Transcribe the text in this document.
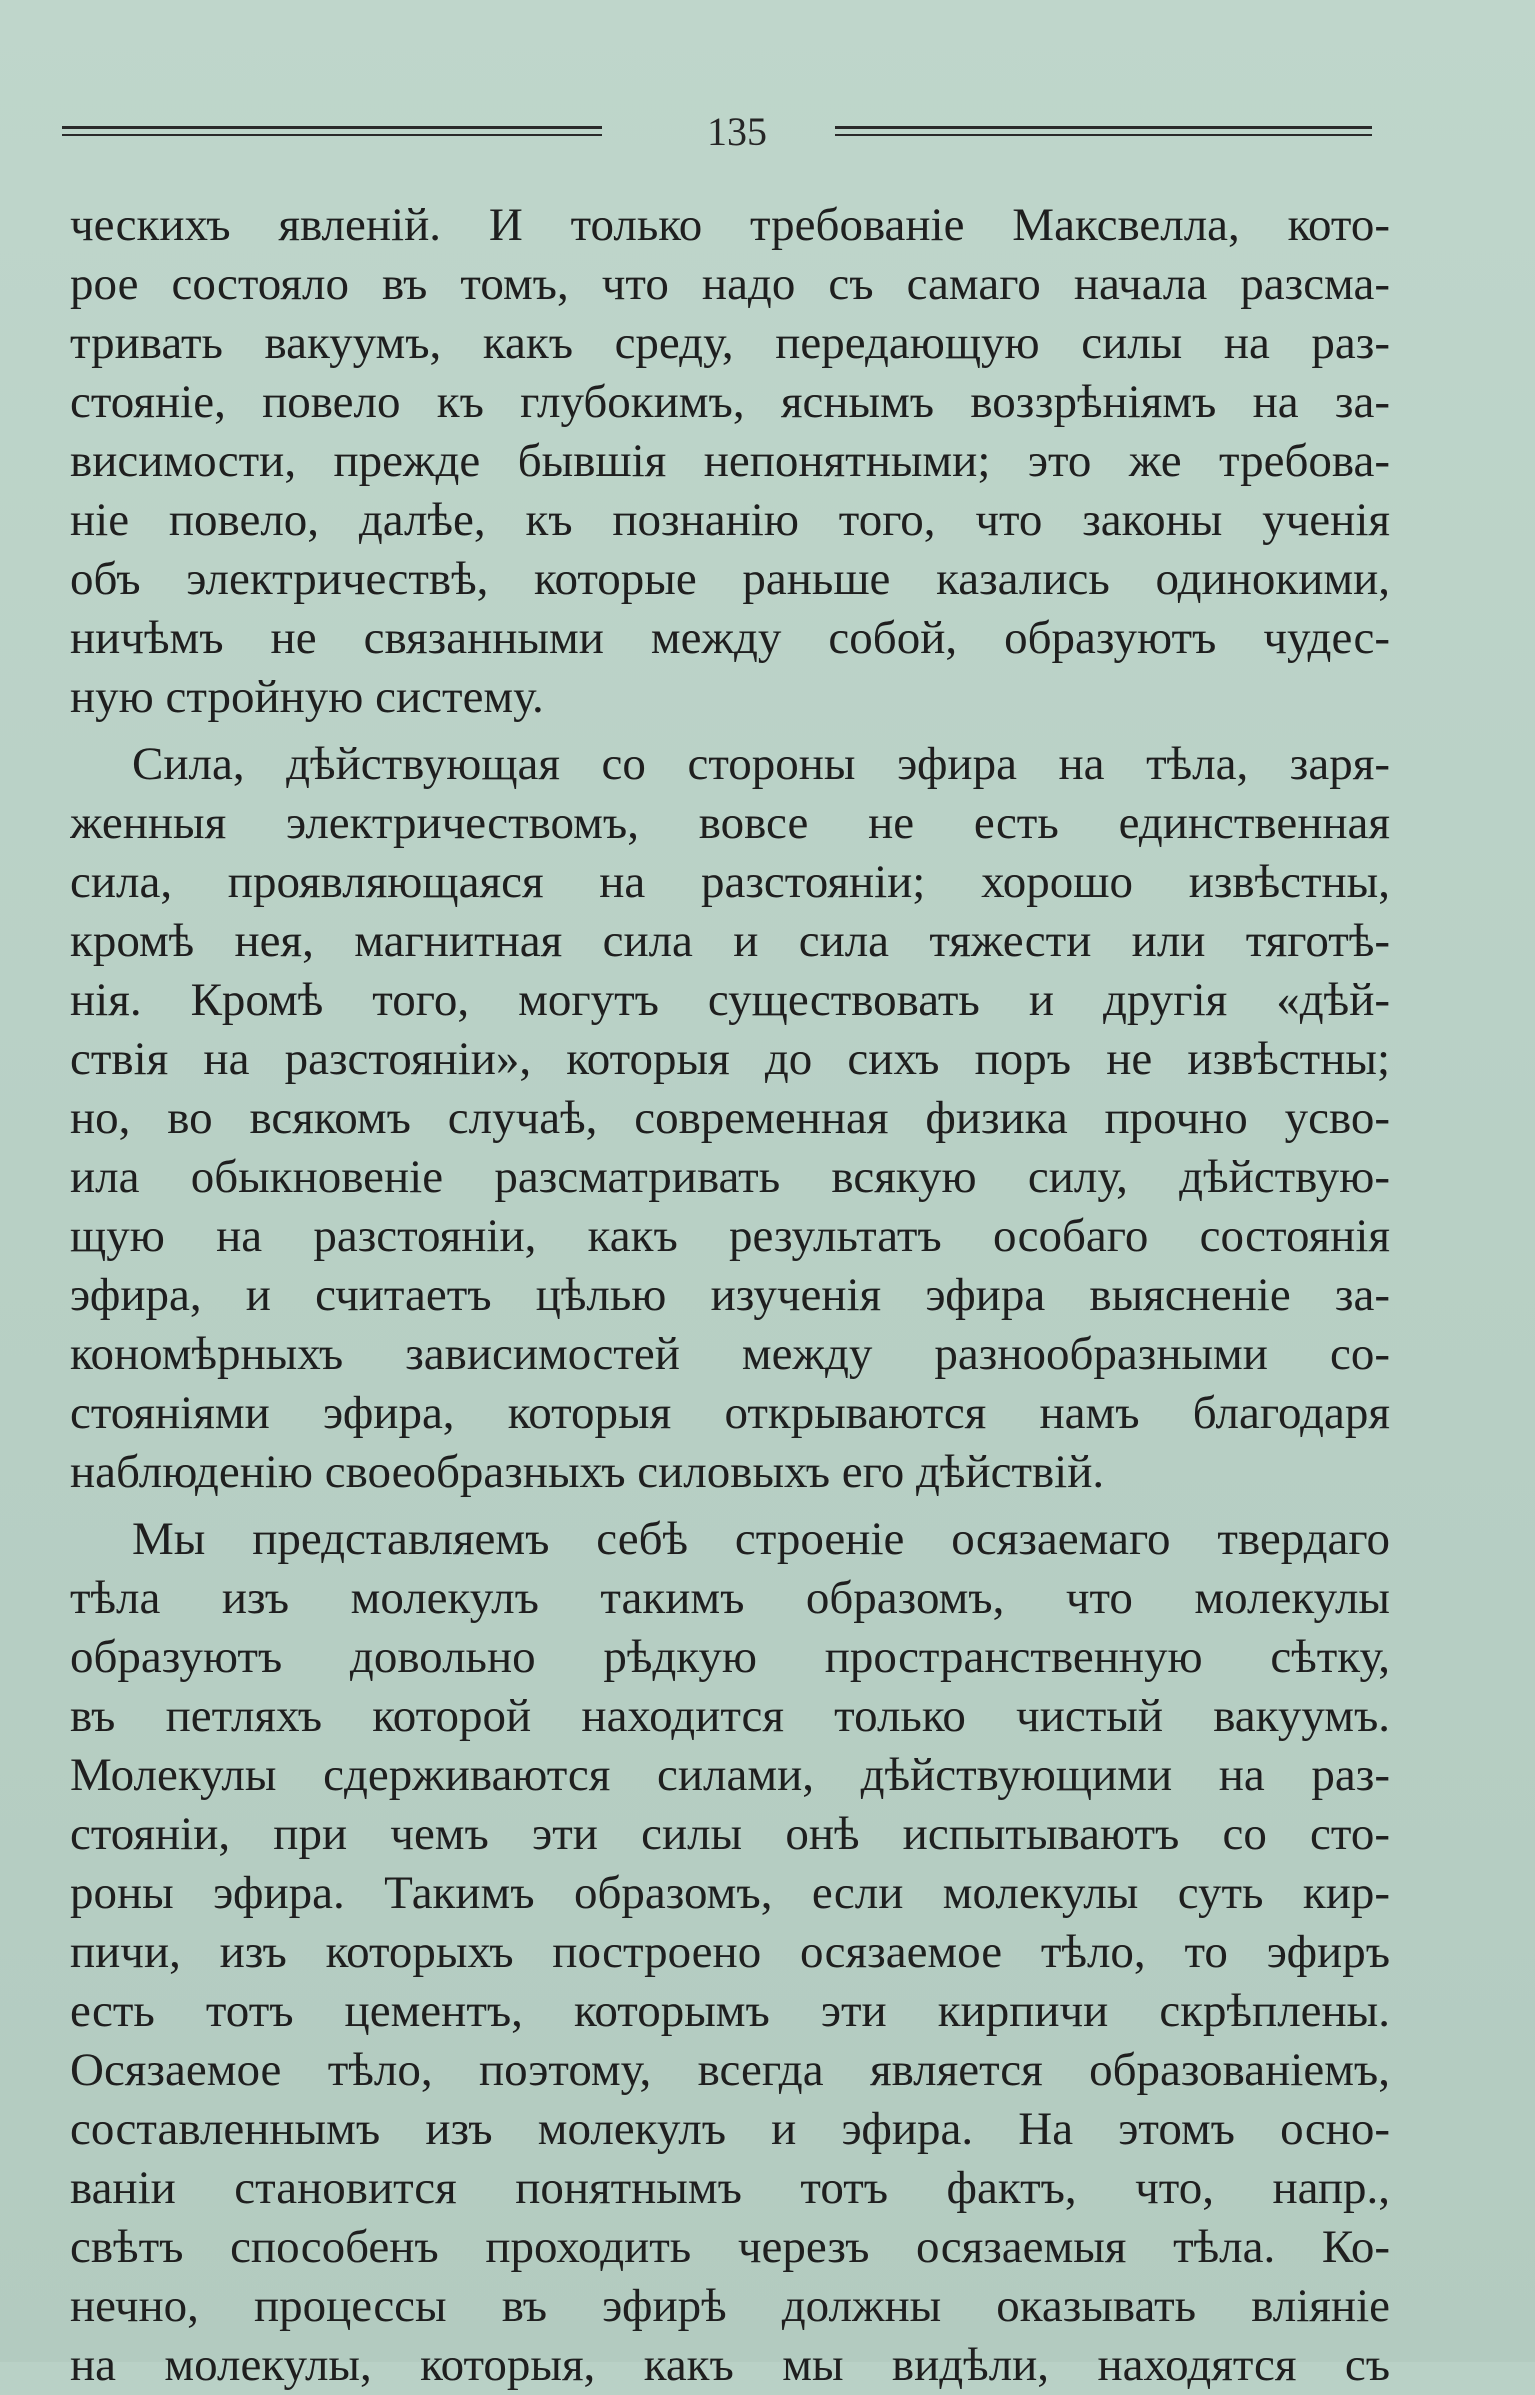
135
ческихъ явленій. И только требованіе Максвелла, кото-
рое состояло въ томъ, что надо съ самаго начала разсма-
тривать вакуумъ, какъ среду, передающую силы на раз-
стояніе, повело къ глубокимъ, яснымъ воззрѣніямъ на за-
висимости, прежде бывшія непонятными; это же требова-
ніе повело, далѣе, къ познанію того, что законы ученія
объ электричествѣ, которые раньше казались одинокими,
ничѣмъ не связанными между собой, образуютъ чудес-
ную стройную систему.
Сила, дѣйствующая со стороны эфира на тѣла, заря-
женныя электричествомъ, вовсе не есть единственная
сила, проявляющаяся на разстояніи; хорошо извѣстны,
кромѣ нея, магнитная сила и сила тяжести или тяготѣ-
нія. Кромѣ того, могутъ существовать и другія «дѣй-
ствія на разстояніи», которыя до сихъ поръ не извѣстны;
но, во всякомъ случаѣ, современная физика прочно усво-
ила обыкновеніе разсматривать всякую силу, дѣйствую-
щую на разстояніи, какъ результатъ особаго состоянія
эфира, и считаетъ цѣлью изученія эфира выясненіе за-
кономѣрныхъ зависимостей между разнообразными со-
стояніями эфира, которыя открываются намъ благодаря
наблюденію своеобразныхъ силовыхъ его дѣйствій.
Мы представляемъ себѣ строеніе осязаемаго твердаго
тѣла изъ молекулъ такимъ образомъ, что молекулы
образуютъ довольно рѣдкую пространственную сѣтку,
въ петляхъ которой находится только чистый вакуумъ.
Молекулы сдерживаются силами, дѣйствующими на раз-
стояніи, при чемъ эти силы онѣ испытываютъ со сто-
роны эфира. Такимъ образомъ, если молекулы суть кир-
пичи, изъ которыхъ построено осязаемое тѣло, то эфиръ
есть тотъ цементъ, которымъ эти кирпичи скрѣплены.
Осязаемое тѣло, поэтому, всегда является образованіемъ,
составленнымъ изъ молекулъ и эфира. На этомъ осно-
ваніи становится понятнымъ тотъ фактъ, что, напр.,
свѣтъ способенъ проходить черезъ осязаемыя тѣла. Ко-
нечно, процессы въ эфирѣ должны оказывать вліяніе
на молекулы, которыя, какъ мы видѣли, находятся съ
